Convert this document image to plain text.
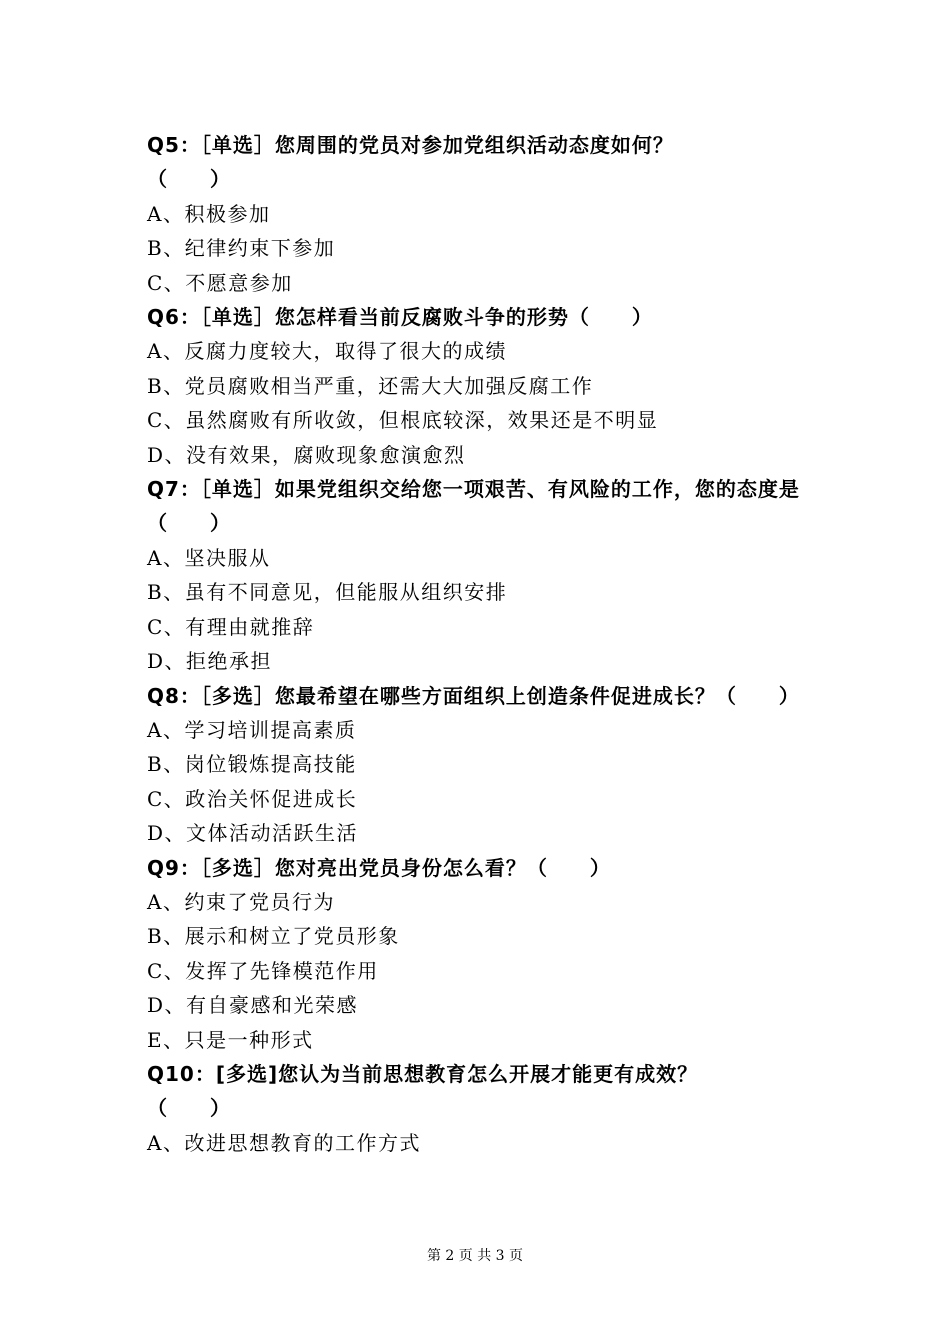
Q5：［单选］您周围的党员对参加党组织活动态度如何？
（　　）

A、积极参加

B、纪律约束下参加

C、不愿意参加

Q6：［单选］您怎样看当前反腐败斗争的形势（　　）

A、反腐力度较大，取得了很大的成绩

B、党员腐败相当严重，还需大大加强反腐工作

C、虽然腐败有所收敛，但根底较深，效果还是不明显

D、没有效果，腐败现象愈演愈烈

Q7：［单选］如果党组织交给您一项艰苦、有风险的工作，您的态度是（　　）

A、坚决服从

B、虽有不同意见，但能服从组织安排

C、有理由就推辞

D、拒绝承担

Q8：［多选］您最希望在哪些方面组织上创造条件促进成长？（　　）

A、学习培训提高素质

B、岗位锻炼提高技能

C、政治关怀促进成长

D、文体活动活跃生活

Q9：［多选］您对亮出党员身份怎么看？（　　）

A、约束了党员行为

B、展示和树立了党员形象

C、发挥了先锋模范作用

D、有自豪感和光荣感

E、只是一种形式

Q10：[多选]您认为当前思想教育怎么开展才能更有成效？
（　　）

A、改进思想教育的工作方式

第 2 页 共 3 页
